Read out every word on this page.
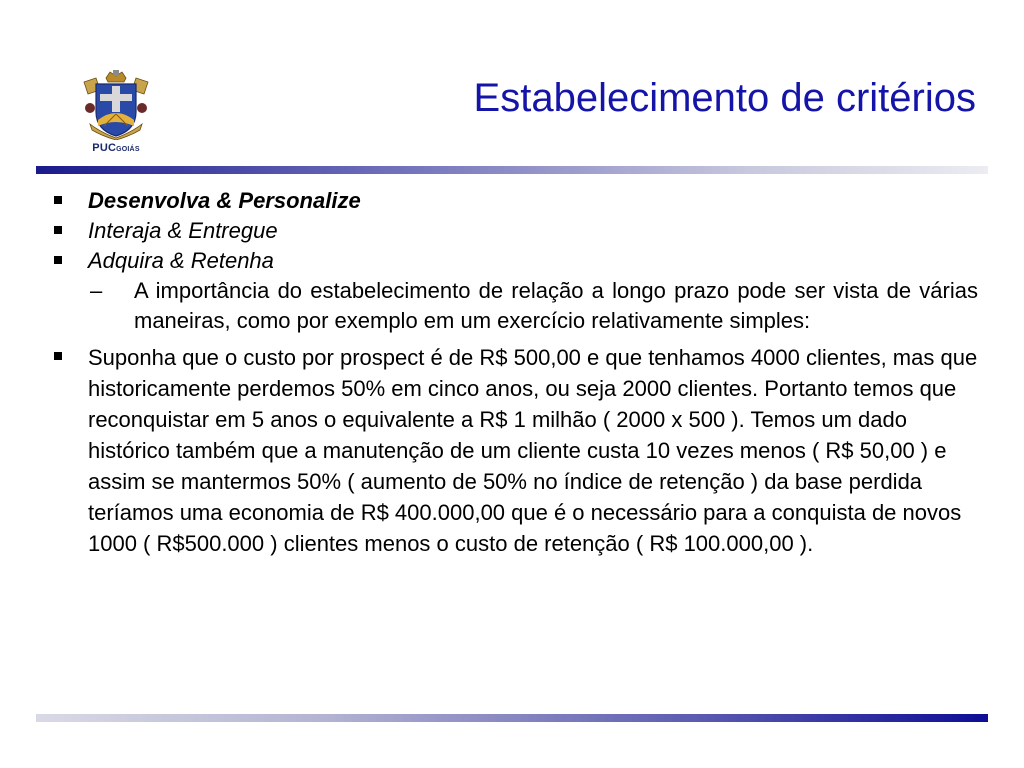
PUCGOIÁS
Estabelecimento de critérios
Desenvolva & Personalize
Interaja & Entregue
Adquira & Retenha
–	A importância do estabelecimento de relação a longo prazo pode ser vista de várias maneiras, como por exemplo em um exercício relativamente simples:
Suponha que o custo por prospect é de R$ 500,00 e que tenhamos 4000 clientes, mas que historicamente perdemos 50% em cinco anos, ou seja 2000 clientes. Portanto temos que reconquistar em 5 anos o equivalente a R$ 1 milhão ( 2000 x 500 ). Temos um dado histórico também que a manutenção de um cliente custa 10 vezes menos ( R$ 50,00 ) e assim se mantermos 50% ( aumento de 50% no índice de retenção ) da base perdida teríamos uma economia de R$ 400.000,00 que é o necessário para a conquista de novos 1000 ( R$500.000 ) clientes menos o custo de retenção ( R$ 100.000,00 ).
